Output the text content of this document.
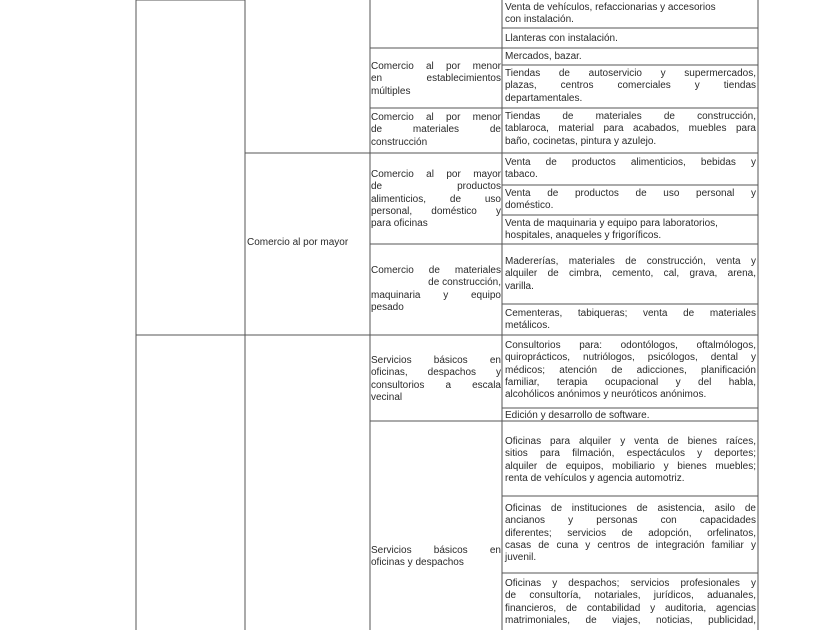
Comercio al por mayor
Comercio al por menor
en establecimientos
múltiples
Comercio al por menor
de materiales de
construcción
Comercio al por mayor
de productos
alimenticios, de uso
personal, doméstico y
para oficinas
Comercio de materiales
de construcción,
maquinaria y equipo
pesado
Servicios básicos en
oficinas, despachos y
consultorios a escala
vecinal
Servicios básicos en
oficinas y despachos
Venta de vehículos, refaccionarias y accesorios
con instalación.
Llanteras con instalación.
Mercados, bazar.
Tiendas de autoservicio y supermercados,
plazas, centros comerciales y tiendas
departamentales.
Tiendas de materiales de construcción,
tablaroca, material para acabados, muebles para
baño, cocinetas, pintura y azulejo.
Venta de productos alimenticios, bebidas y
tabaco.
Venta de productos de uso personal y
doméstico.
Venta de maquinaria y equipo para laboratorios,
hospitales, anaqueles y frigoríficos.
Madererías, materiales de construcción, venta y
alquiler de cimbra, cemento, cal, grava, arena,
varilla.
Cementeras, tabiqueras; venta de materiales
metálicos.
Consultorios para: odontólogos, oftalmólogos,
quiroprácticos, nutriólogos, psicólogos, dental y
médicos; atención de adicciones, planificación
familiar, terapia ocupacional y del habla,
alcohólicos anónimos y neuróticos anónimos.
Edición y desarrollo de software.
Oficinas para alquiler y venta de bienes raíces,
sitios para filmación, espectáculos y deportes;
alquiler de equipos, mobiliario y bienes muebles;
renta de vehículos y agencia automotriz.
Oficinas de instituciones de asistencia, asilo de
ancianos y personas con capacidades
diferentes; servicios de adopción, orfelinatos,
casas de cuna y centros de integración familiar y
juvenil.
Oficinas y despachos; servicios profesionales y
de consultoría, notariales, jurídicos, aduanales,
financieros, de contabilidad y auditoria, agencias
matrimoniales, de viajes, noticias, publicidad,
